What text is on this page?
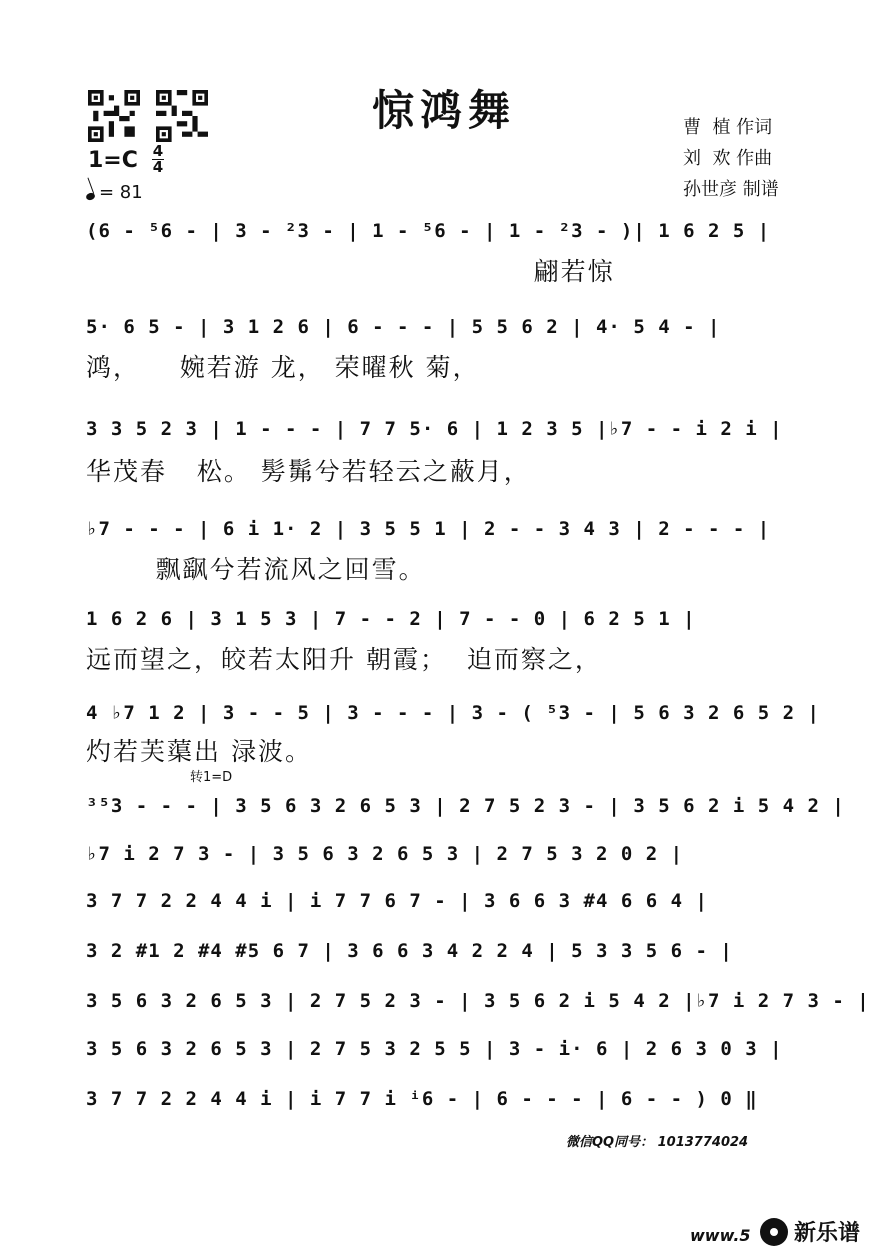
惊鸿舞	曹  植 作词
刘  欢 作曲
孙世彦 制谱
1=C 4
4
= 81
(6 - ⁵6 - | 3 - ²3 - | 1 - ⁵6 - | 1 - ²3 - )| 1 6 2 5 |
翩若惊
5· 6 5 - | 3 1 2 6 | 6 - - - | 5 5 6 2 | 4· 5 4 - |
鸿，    婉若游 龙， 荣曜秋 菊，
3 3 5 2 3 | 1 - - - | 7 7 5· 6 | 1 2 3 5 |♭7 - - i 2 i |
华茂春   松。 髣髴兮若轻云之蔽月，
♭7 - - - | 6 i 1· 2 | 3 5 5 1 | 2 - - 3 4 3 | 2 - - - |
飘飖兮若流风之回雪。
1 6 2 6 | 3 1 5 3 | 7 - - 2 | 7 - - 0 | 6 2 5 1 |
远而望之，皎若太阳升 朝霞；  迫而察之，
4 ♭7 1 2 | 3 - - 5 | 3 - - - | 3 - ( ⁵3 - | 5 6 3 2 6 5 2 |
灼若芙蕖出 渌波。
转1=D
³⁵3 - - - | 3 5 6 3 2 6 5 3 | 2 7 5 2 3 - | 3 5 6 2 i 5 4 2 |
♭7 i 2 7 3 - | 3 5 6 3 2 6 5 3 | 2 7 5 3 2 0 2 |
3 7 7 2 2 4 4 i | i 7 7 6 7 - | 3 6 6 3 #4 6 6 4 |
3 2 #1 2 #4 #5 6 7 | 3 6 6 3 4 2 2 4 | 5 3 3 5 6 - |
3 5 6 3 2 6 5 3 | 2 7 5 2 3 - | 3 5 6 2 i 5 4 2 |♭7 i 2 7 3 - |
3 5 6 3 2 6 5 3 | 2 7 5 3 2 5 5 | 3 - i· 6 | 2 6 3 0 3 |
3 7 7 2 2 4 4 i | i 7 7 i ⁱ6 - | 6 - - - | 6 - - ) 0 ‖
微信QQ同号： 1013774024
www.5 新乐谱
